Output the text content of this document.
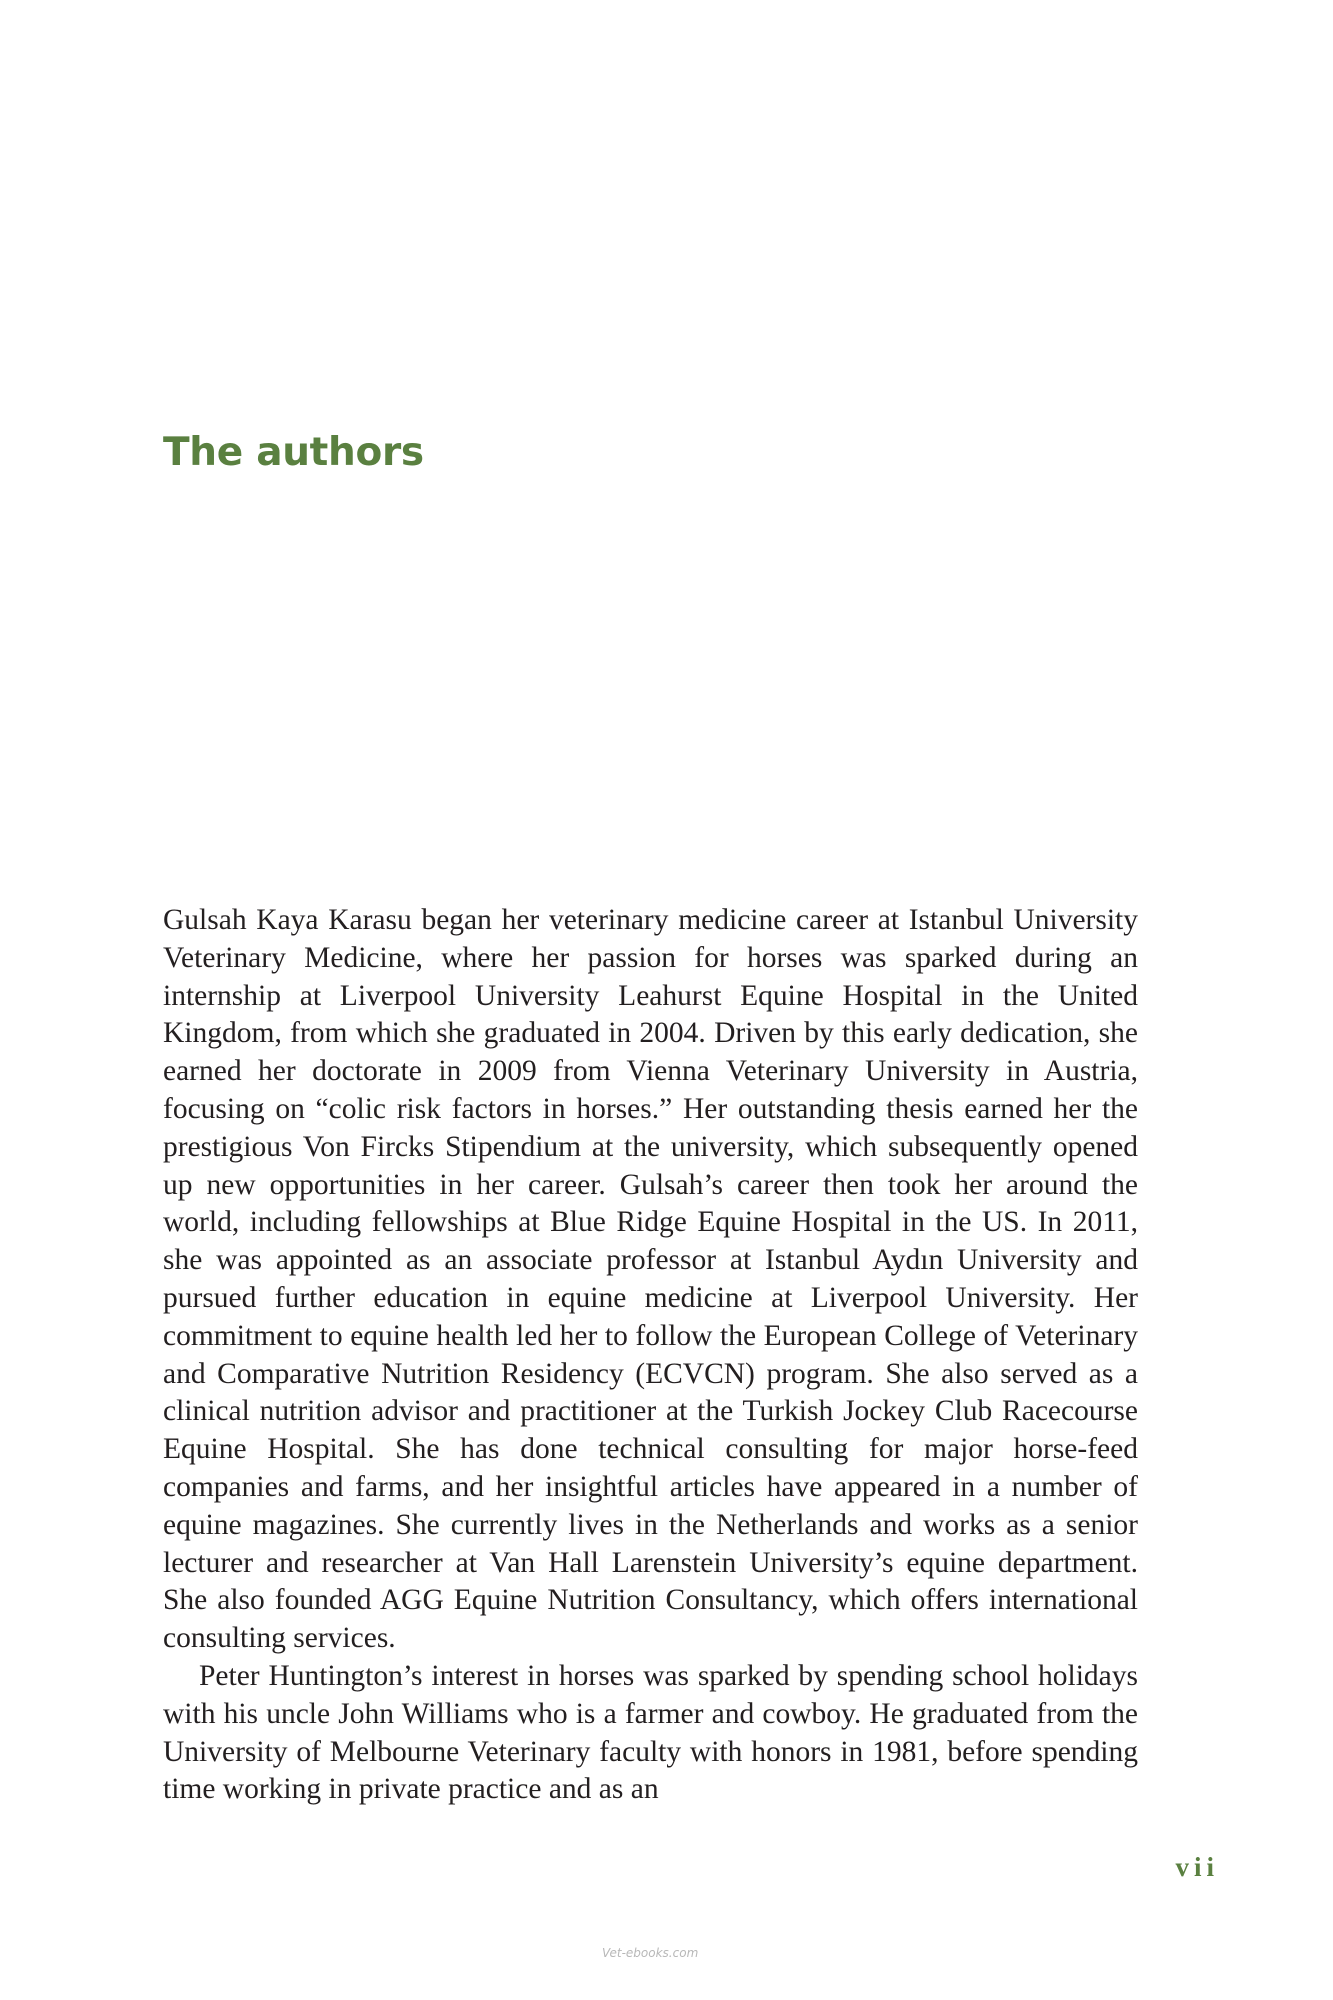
The authors

Gulsah Kaya Karasu began her veterinary medicine career at Istanbul University Veterinary Medicine, where her passion for horses was sparked during an internship at Liverpool University Leahurst Equine Hospital in the United Kingdom, from which she graduated in 2004. Driven by this early dedication, she earned her doctorate in 2009 from Vienna Veterinary University in Austria, focusing on “colic risk factors in horses.” Her outstanding thesis earned her the prestigious Von Fircks Stipendium at the university, which subsequently opened up new opportunities in her career. Gulsah’s career then took her around the world, including fellowships at Blue Ridge Equine Hospital in the US. In 2011, she was appointed as an associate professor at Istanbul Aydın University and pursued further education in equine medicine at Liverpool University. Her commitment to equine health led her to follow the European College of Veterinary and Comparative Nutrition Residency (ECVCN) program. She also served as a clinical nutrition advisor and practitioner at the Turkish Jockey Club Racecourse Equine Hospital. She has done technical consulting for major horse-feed companies and farms, and her insightful articles have appeared in a number of equine magazines. She currently lives in the Netherlands and works as a senior lecturer and researcher at Van Hall Larenstein University’s equine department. She also founded AGG Equine Nutrition Consultancy, which offers international consulting services.

Peter Huntington’s interest in horses was sparked by spending school holidays with his uncle John Williams who is a farmer and cowboy. He graduated from the University of Melbourne Veterinary faculty with honors in 1981, before spending time working in private practice and as an

vii
Vet-ebooks.com
